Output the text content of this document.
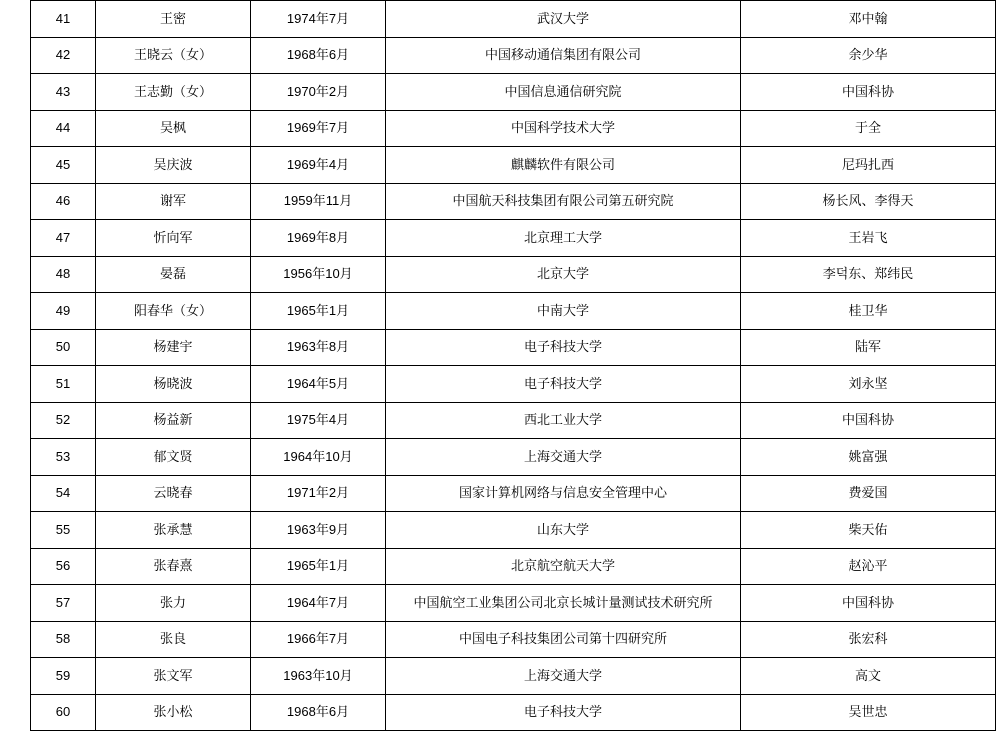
41	王密	1974年7月	武汉大学	邓中翰
42	王晓云（女）	1968年6月	中国移动通信集团有限公司	余少华
43	王志勤（女）	1970年2月	中国信息通信研究院	中国科协
44	吴枫	1969年7月	中国科学技术大学	于全
45	吴庆波	1969年4月	麒麟软件有限公司	尼玛扎西
46	谢军	1959年11月	中国航天科技集团有限公司第五研究院	杨长风、李得天
47	忻向军	1969年8月	北京理工大学	王岩飞
48	晏磊	1956年10月	北京大学	李덕东、郑纬民
49	阳春华（女）	1965年1月	中南大学	桂卫华
50	杨建宇	1963年8月	电子科技大学	陆军
51	杨晓波	1964年5月	电子科技大学	刘永坚
52	杨益新	1975年4月	西北工业大学	中国科协
53	郁文贤	1964年10月	上海交通大学	姚富强
54	云晓春	1971年2月	国家计算机网络与信息安全管理中心	费爱国
55	张承慧	1963年9月	山东大学	柴天佑
56	张春熹	1965年1月	北京航空航天大学	赵沁平
57	张力	1964年7月	中国航空工业集团公司北京长城计量测试技术研究所	中国科协
58	张良	1966年7月	中国电子科技集团公司第十四研究所	张宏科
59	张文军	1963年10月	上海交通大学	高文
60	张小松	1968年6月	电子科技大学	吴世忠
